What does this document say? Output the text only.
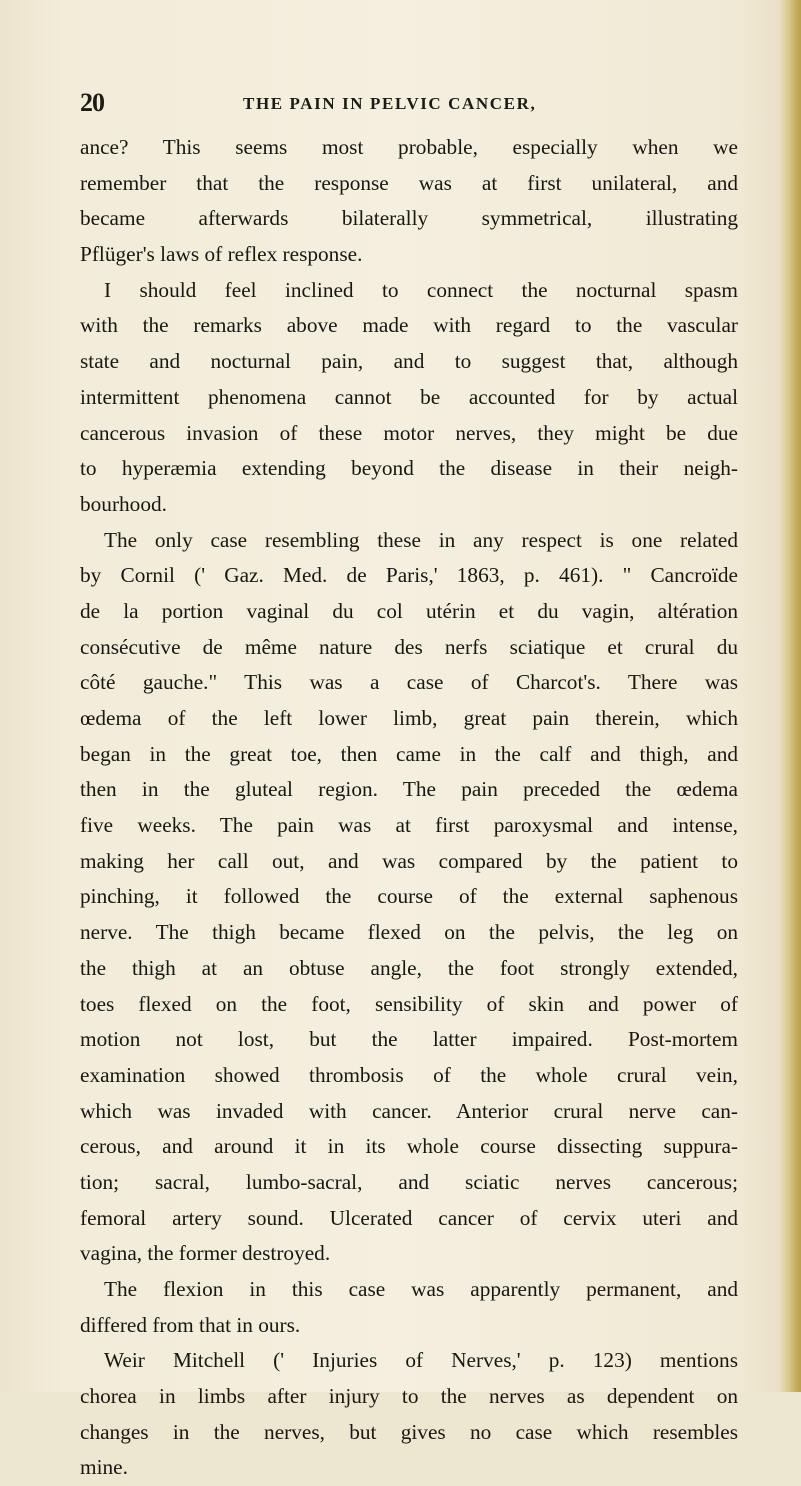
20	THE PAIN IN PELVIC CANCER,
ance? This seems most probable, especially when we
remember that the response was at first unilateral, and
became afterwards bilaterally symmetrical, illustrating
Pflüger's laws of reflex response.
I should feel inclined to connect the nocturnal spasm
with the remarks above made with regard to the vascular
state and nocturnal pain, and to suggest that, although
intermittent phenomena cannot be accounted for by actual
cancerous invasion of these motor nerves, they might be due
to hyperæmia extending beyond the disease in their neigh-
bourhood.
The only case resembling these in any respect is one related
by Cornil (' Gaz. Med. de Paris,' 1863, p. 461). " Cancroïde
de la portion vaginal du col utérin et du vagin, altération
consécutive de même nature des nerfs sciatique et crural du
côté gauche." This was a case of Charcot's. There was
œdema of the left lower limb, great pain therein, which
began in the great toe, then came in the calf and thigh, and
then in the gluteal region. The pain preceded the œdema
five weeks. The pain was at first paroxysmal and intense,
making her call out, and was compared by the patient to
pinching, it followed the course of the external saphenous
nerve. The thigh became flexed on the pelvis, the leg on
the thigh at an obtuse angle, the foot strongly extended,
toes flexed on the foot, sensibility of skin and power of
motion not lost, but the latter impaired. Post-mortem
examination showed thrombosis of the whole crural vein,
which was invaded with cancer. Anterior crural nerve can-
cerous, and around it in its whole course dissecting suppura-
tion; sacral, lumbo-sacral, and sciatic nerves cancerous;
femoral artery sound. Ulcerated cancer of cervix uteri and
vagina, the former destroyed.
The flexion in this case was apparently permanent, and
differed from that in ours.
Weir Mitchell (' Injuries of Nerves,' p. 123) mentions
chorea in limbs after injury to the nerves as dependent on
changes in the nerves, but gives no case which resembles
mine.
